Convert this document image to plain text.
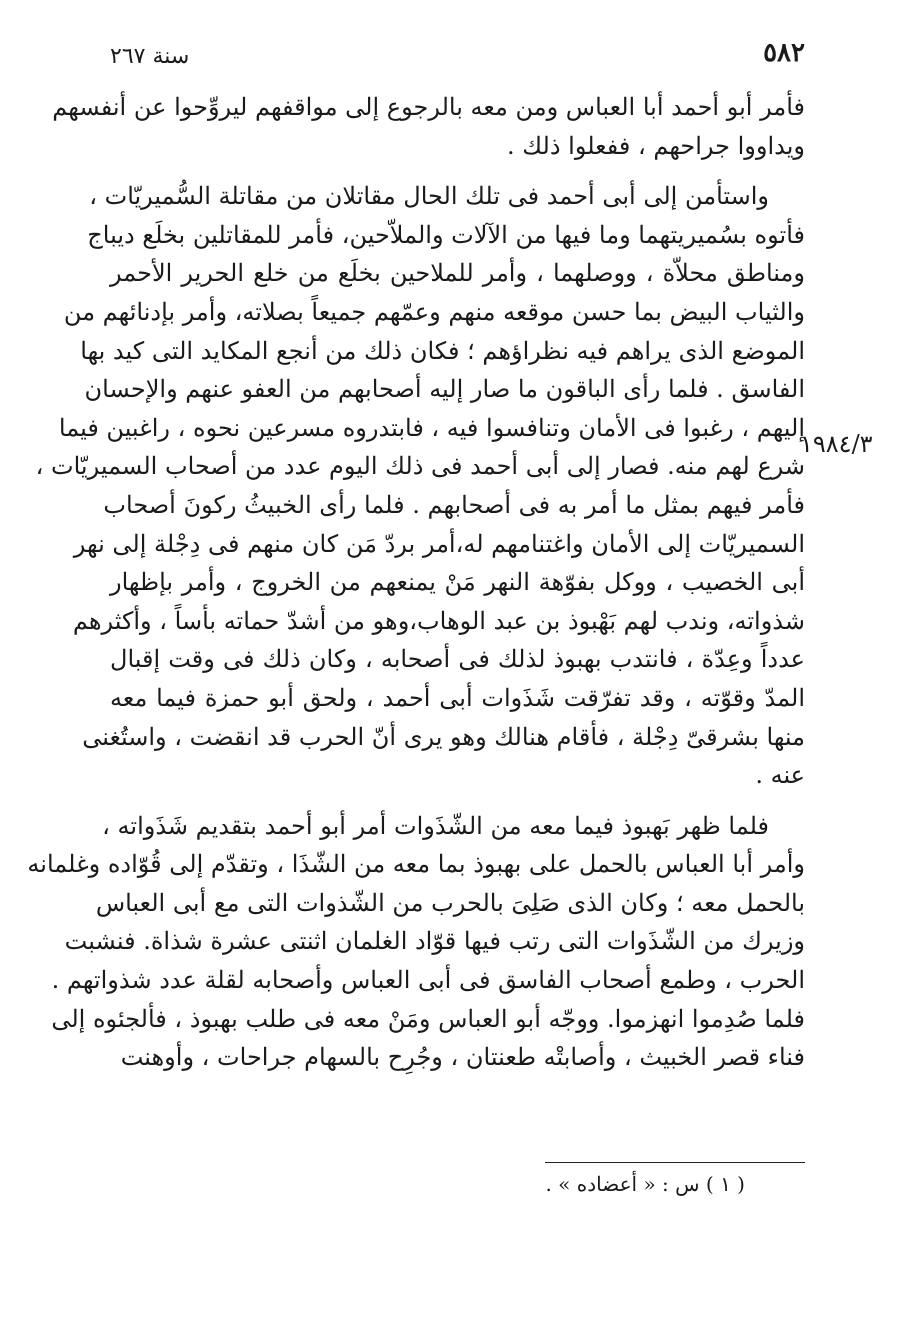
٥٨٢
سنة ٢٦٧
١٩٨٤/٣
فأمر أبو أحمد أبا العباس ومن معه بالرجوع إلى مواقفهم ليروِّحوا عن أنفسهم
ويداووا جراحهم ، ففعلوا ذلك .
واستأمن إلى أبى أحمد فى تلك الحال مقاتلان من مقاتلة السُّميريّات ،
فأتوه بسُميريتهما وما فيها من الآلات والملاّحين، فأمر للمقاتلين بخلَع ديباج
ومناطق محلاّة ، ووصلهما ، وأمر للملاحين بخلَع من خلع الحرير الأحمر
والثياب البيض بما حسن موقعه منهم وعمّهم جميعاً بصلاته، وأمر بإدنائهم من
الموضع الذى يراهم فيه نظراؤهم ؛ فكان ذلك من أنجع المكايد التى كيد بها
الفاسق . فلما رأى الباقون ما صار إليه أصحابهم من العفو عنهم والإحسان
إليهم ، رغبوا فى الأمان وتنافسوا فيه ، فابتدروه مسرعين نحوه ، راغبين فيما
شرع لهم منه. فصار إلى أبى أحمد فى ذلك اليوم عدد من أصحاب السميريّات ،
فأمر فيهم بمثل ما أمر به فى أصحابهم . فلما رأى الخبيثُ ركونَ أصحاب
السميريّات إلى الأمان واغتنامهم له،أمر بردّ مَن كان منهم فى دِجْلة إلى نهر
أبى الخصيب ، ووكل بفوّهة النهر مَنْ يمنعهم من الخروج ، وأمر بإظهار
شذواته، وندب لهم بَهْبوذ بن عبد الوهاب،وهو من أشدّ حماته بأساً ، وأكثرهم
عدداً وعِدّة ، فانتدب بهبوذ لذلك فى أصحابه ، وكان ذلك فى وقت إقبال
المدّ وقوّته ، وقد تفرّقت شَذَوات أبى أحمد ، ولحق أبو حمزة فيما معه
منها بشرقىّ دِجْلة ، فأقام هنالك وهو يرى أنّ الحرب قد انقضت ، واستُغنى
عنه .
فلما ظهر بَهبوذ فيما معه من الشّذَوات أمر أبو أحمد بتقديم شَذَواته ،
وأمر أبا العباس بالحمل على بهبوذ بما معه من الشّذَا ، وتقدّم إلى قُوّاده وغلمانه
بالحمل معه ؛ وكان الذى صَلِىَ بالحرب من الشّذوات التى مع أبى العباس
وزيرك من الشّذَوات التى رتب فيها قوّاد الغلمان اثنتى عشرة شذاة. فنشبت
الحرب ، وطمع أصحاب الفاسق فى أبى العباس وأصحابه لقلة عدد شذواتهم .
فلما صُدِموا انهزموا. ووجّه أبو العباس ومَنْ معه فى طلب بهبوذ ، فألجئوه إلى
فناء قصر الخبيث ، وأصابتْه طعنتان ، وجُرِح بالسهام جراحات ، وأوهنت
( ١ ) س : « أعضاده » .
